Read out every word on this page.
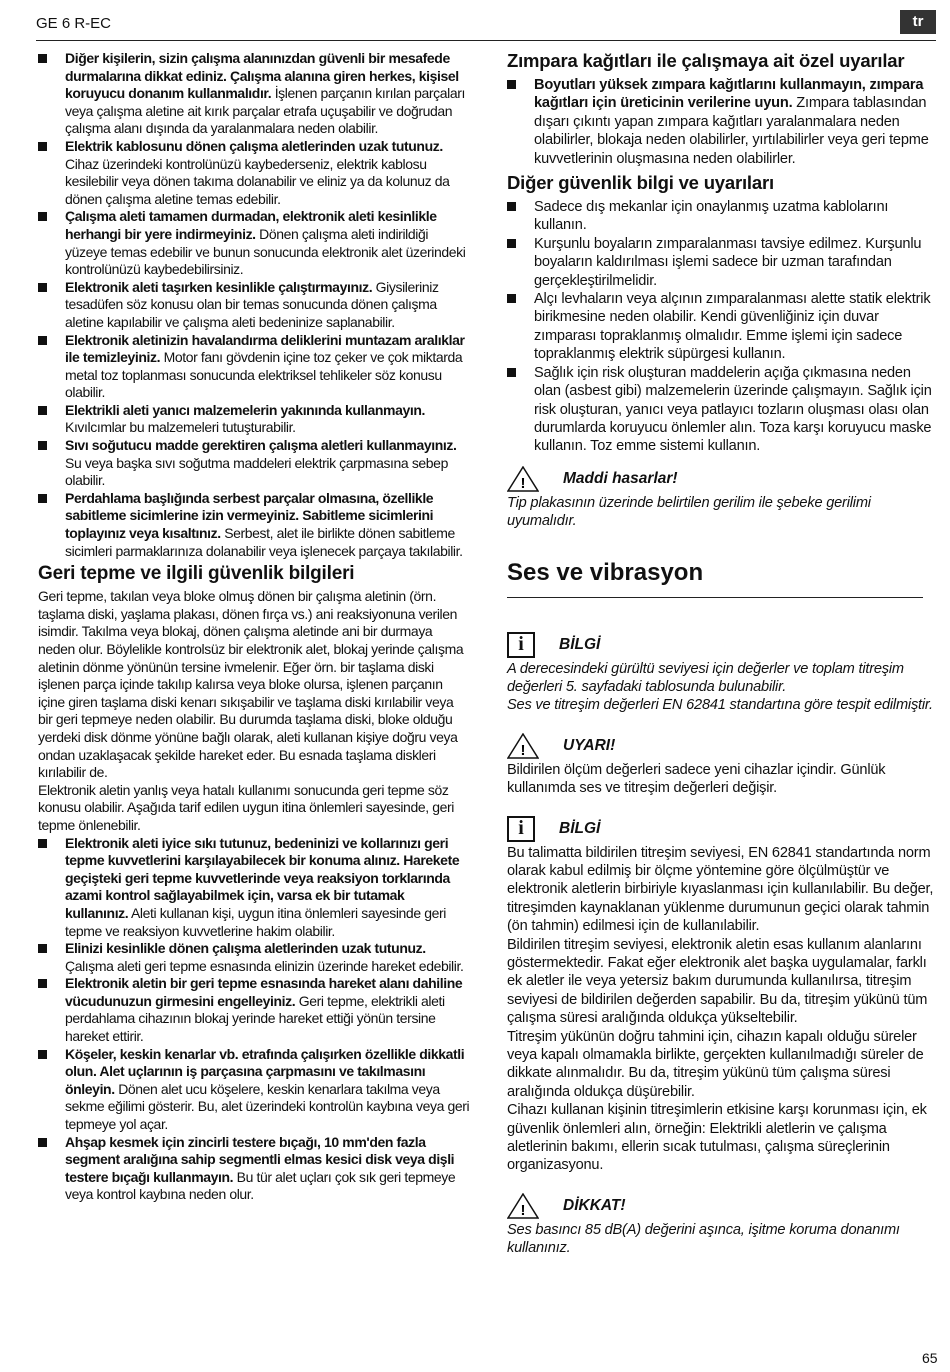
GE 6 R-EC	tr

Diğer kişilerin, sizin çalışma alanınızdan güvenli bir mesafede durmalarına dikkat ediniz. Çalışma alanına giren herkes, kişisel koruyucu donanım kullanmalıdır. İşlenen parçanın kırılan parçaları veya çalışma aletine ait kırık parçalar etrafa uçuşabilir ve doğrudan çalışma alanı dışında da yaralanmalara neden olabilir.

Elektrik kablosunu dönen çalışma aletlerinden uzak tutunuz. Cihaz üzerindeki kontrolünüzü kaybederseniz, elektrik kablosu kesilebilir veya dönen takıma dolanabilir ve eliniz ya da kolunuz da dönen çalışma aletine temas edebilir.

Çalışma aleti tamamen durmadan, elektronik aleti kesinlikle herhangi bir yere indirmeyiniz. Dönen çalışma aleti indirildiği yüzeye temas edebilir ve bunun sonucunda elektronik alet üzerindeki kontrolünüzü kaybedebilirsiniz.

Elektronik aleti taşırken kesinlikle çalıştırmayınız. Giysileriniz tesadüfen söz konusu olan bir temas sonucunda dönen çalışma aletine kapılabilir ve çalışma aleti bedeninize saplanabilir.

Elektronik aletinizin havalandırma deliklerini muntazam aralıklar ile temizleyiniz. Motor fanı gövdenin içine toz çeker ve çok miktarda metal toz toplanması sonucunda elektriksel tehlikeler söz konusu olabilir.

Elektrikli aleti yanıcı malzemelerin yakınında kullanmayın. Kıvılcımlar bu malzemeleri tutuşturabilir.

Sıvı soğutucu madde gerektiren çalışma aletleri kullanmayınız. Su veya başka sıvı soğutma maddeleri elektrik çarpmasına sebep olabilir.

Perdahlama başlığında serbest parçalar olmasına, özellikle sabitleme sicimlerine izin vermeyiniz. Sabitleme sicimlerini toplayınız veya kısaltınız. Serbest, alet ile birlikte dönen sabitleme sicimleri parmaklarınıza dolanabilir veya işlenecek parçaya takılabilir.

Geri tepme ve ilgili güvenlik bilgileri

Geri tepme, takılan veya bloke olmuş dönen bir çalışma aletinin (örn. taşlama diski, yaşlama plakası, dönen fırça vs.) ani reaksiyonuna verilen isimdir. Takılma veya blokaj, dönen çalışma aletinde ani bir durmaya neden olur. Böylelikle kontrolsüz bir elektronik alet, blokaj yerinde çalışma aletinin dönme yönünün tersine ivmelenir. Eğer örn. bir taşlama diski işlenen parça içinde takılıp kalırsa veya bloke olursa, işlenen parçanın içine giren taşlama diski kenarı sıkışabilir ve taşlama diski kırılabilir veya bir geri tepmeye neden olabilir. Bu durumda taşlama diski, bloke olduğu yerdeki disk dönme yönüne bağlı olarak, aleti kullanan kişiye doğru veya ondan uzaklaşacak şekilde hareket eder. Bu esnada taşlama diskleri kırılabilir de.

Elektronik aletin yanlış veya hatalı kullanımı sonucunda geri tepme söz konusu olabilir. Aşağıda tarif edilen uygun itina önlemleri sayesinde, geri tepme önlenebilir.

Elektronik aleti iyice sıkı tutunuz, bedeninizi ve kollarınızı geri tepme kuvvetlerini karşılayabilecek bir konuma alınız. Harekete geçişteki geri tepme kuvvetlerinde veya reaksiyon torklarında azami kontrol sağlayabilmek için, varsa ek bir tutamak kullanınız. Aleti kullanan kişi, uygun itina önlemleri sayesinde geri tepme ve reaksiyon kuvvetlerine hakim olabilir.

Elinizi kesinlikle dönen çalışma aletlerinden uzak tutunuz. Çalışma aleti geri tepme esnasında elinizin üzerinde hareket edebilir.

Elektronik aletin bir geri tepme esnasında hareket alanı dahiline vücudunuzun girmesini engelleyiniz. Geri tepme, elektrikli aleti perdahlama cihazının blokaj yerinde hareket ettiği yönün tersine hareket ettirir.

Köşeler, keskin kenarlar vb. etrafında çalışırken özellikle dikkatli olun. Alet uçlarının iş parçasına çarpmasını ve takılmasını önleyin. Dönen alet ucu köşelere, keskin kenarlara takılma veya sekme eğilimi gösterir. Bu, alet üzerindeki kontrolün kaybına veya geri tepmeye yol açar.

Ahşap kesmek için zincirli testere bıçağı, 10 mm'den fazla segment aralığına sahip segmentli elmas kesici disk veya dişli testere bıçağı kullanmayın. Bu tür alet uçları çok sık geri tepmeye veya kontrol kaybına neden olur.

Zımpara kağıtları ile çalışmaya ait özel uyarılar

Boyutları yüksek zımpara kağıtlarını kullanmayın, zımpara kağıtları için üreticinin verilerine uyun. Zımpara tablasından dışarı çıkıntı yapan zımpara kağıtları yaralanmalara neden olabilirler, blokaja neden olabilirler, yırtılabilirler veya geri tepme kuvvetlerinin oluşmasına neden olabilirler.

Diğer güvenlik bilgi ve uyarıları

Sadece dış mekanlar için onaylanmış uzatma kablolarını kullanın.

Kurşunlu boyaların zımparalanması tavsiye edilmez. Kurşunlu boyaların kaldırılması işlemi sadece bir uzman tarafından gerçekleştirilmelidir.

Alçı levhaların veya alçının zımparalanması alette statik elektrik birikmesine neden olabilir. Kendi güvenliğiniz için duvar zımparası topraklanmış olmalıdır. Emme işlemi için sadece topraklanmış elektrik süpürgesi kullanın.

Sağlık için risk oluşturan maddelerin açığa çıkmasına neden olan (asbest gibi) malzemelerin üzerinde çalışmayın. Sağlık için risk oluşturan, yanıcı veya patlayıcı tozların oluşması olası olan durumlarda koruyucu önlemler alın. Toza karşı koruyucu maske kullanın. Toz emme sistemi kullanın.

! Maddi hasarlar!

Tip plakasının üzerinde belirtilen gerilim ile şebeke gerilimi uyumalıdır.

Ses ve vibrasyon
i	BİLGİ

A derecesindeki gürültü seviyesi için değerler ve toplam titreşim değerleri 5. sayfadaki tablosunda bulunabilir.

Ses ve titreşim değerleri EN 62841 standartına göre tespit edilmiştir.

! UYARI!

Bildirilen ölçüm değerleri sadece yeni cihazlar içindir. Günlük kullanımda ses ve titreşim değerleri değişir.

i	BİLGİ

Bu talimatta bildirilen titreşim seviyesi, EN 62841 standartında norm olarak kabul edilmiş bir ölçme yöntemine göre ölçülmüştür ve elektronik aletlerin birbiriyle kıyaslanması için kullanılabilir. Bu değer, titreşimden kaynaklanan yüklenme durumunun geçici olarak tahmin (ön tahmin) edilmesi için de kullanılabilir.

Bildirilen titreşim seviyesi, elektronik aletin esas kullanım alanlarını göstermektedir. Fakat eğer elektronik alet başka uygulamalar, farklı ek aletler ile veya yetersiz bakım durumunda kullanılırsa, titreşim seviyesi de bildirilen değerden sapabilir. Bu da, titreşim yükünü tüm çalışma süresi aralığında oldukça yükseltebilir.

Titreşim yükünün doğru tahmini için, cihazın kapalı olduğu süreler veya kapalı olmamakla birlikte, gerçekten kullanılmadığı süreler de dikkate alınmalıdır. Bu da, titreşim yükünü tüm çalışma süresi aralığında oldukça düşürebilir.

Cihazı kullanan kişinin titreşimlerin etkisine karşı korunması için, ek güvenlik önlemleri alın, örneğin: Elektrikli aletlerin ve çalışma aletlerinin bakımı, ellerin sıcak tutulması, çalışma süreçlerinin organizasyonu.

! DİKKAT!

Ses basıncı 85 dB(A) değerini aşınca, işitme koruma donanımı kullanınız.

65
